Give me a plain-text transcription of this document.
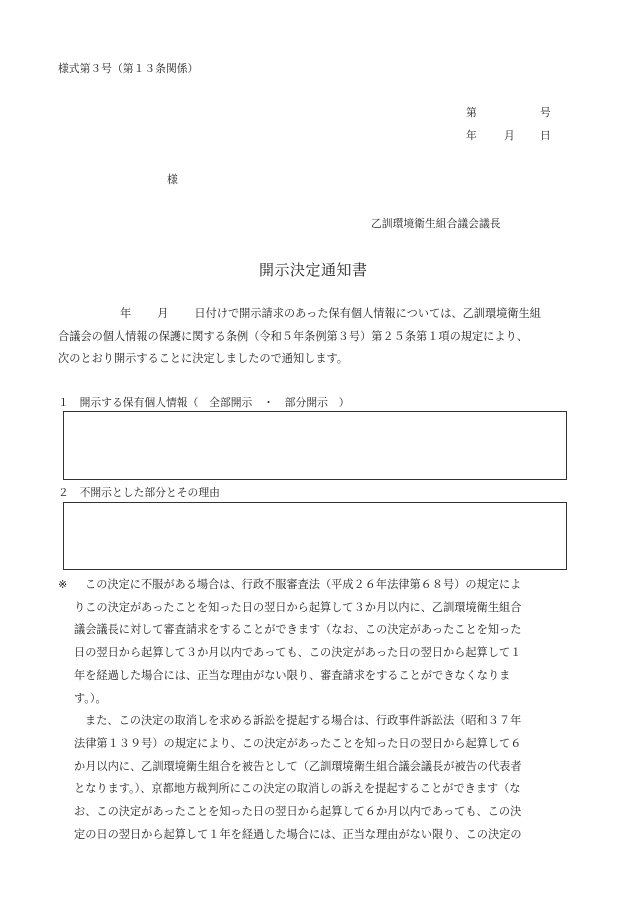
様式第３号（第１３条関係）
第	号
年	月 日
様
乙訓環境衛生組合議会議長
開示決定通知書
年 月 日付けで開示請求のあった保有個人情報については、乙訓環境衛生組
合議会の個人情報の保護に関する条例（令和５年条例第３号）第２５条第１項の規定により、
次のとおり開示することに決定しましたので通知します。
１　開示する保有個人情報（　全部開示　・　部分開示　）
２　不開示とした部分とその理由
※	この決定に不服がある場合は、行政不服審査法（平成２６年法律第６８号）の規定によ
りこの決定があったことを知った日の翌日から起算して３か月以内に、乙訓環境衛生組合
議会議長に対して審査請求をすることができます（なお、この決定があったことを知った
日の翌日から起算して３か月以内であっても、この決定があった日の翌日から起算して１
年を経過した場合には、正当な理由がない限り、審査請求をすることができなくなりま
す。）。
また、この決定の取消しを求める訴訟を提起する場合は、行政事件訴訟法（昭和３７年
法律第１３９号）の規定により、この決定があったことを知った日の翌日から起算して６
か月以内に、乙訓環境衛生組合を被告として（乙訓環境衛生組合議会議長が被告の代表者
となります。）、京都地方裁判所にこの決定の取消しの訴えを提起することができます（な
お、この決定があったことを知った日の翌日から起算して６か月以内であっても、この決
定の日の翌日から起算して１年を経過した場合には、正当な理由がない限り、この決定の
